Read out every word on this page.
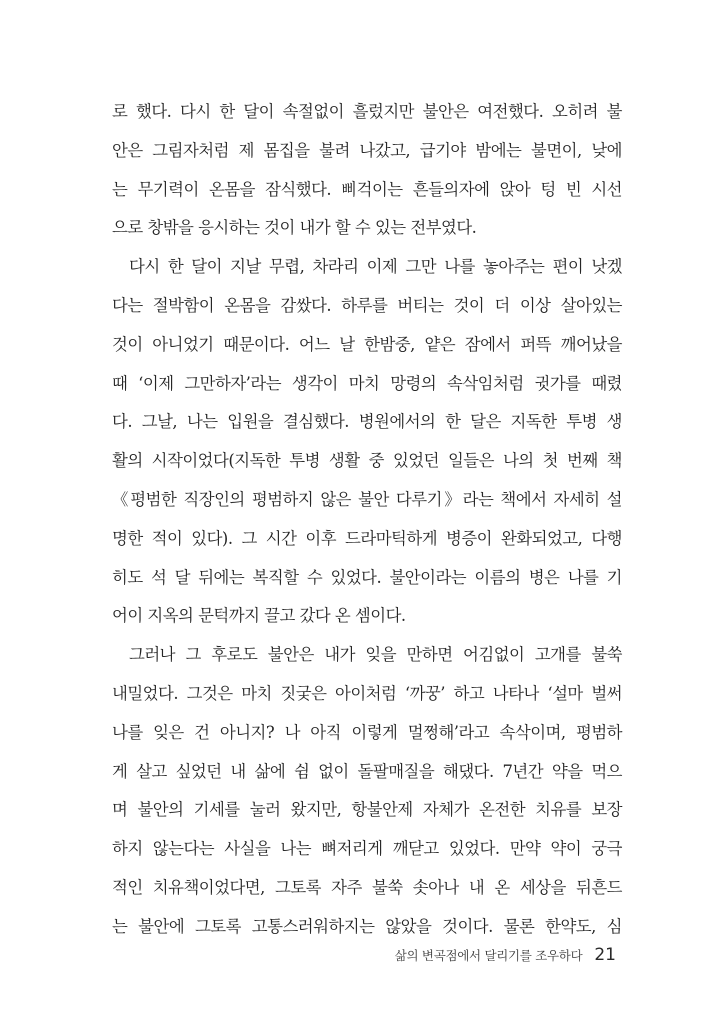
로 했다. 다시 한 달이 속절없이 흘렀지만 불안은 여전했다. 오히려 불
안은 그림자처럼 제 몸집을 불려 나갔고, 급기야 밤에는 불면이, 낮에
는 무기력이 온몸을 잠식했다. 삐걱이는 흔들의자에 앉아 텅 빈 시선
으로 창밖을 응시하는 것이 내가 할 수 있는 전부였다.
다시 한 달이 지날 무렵, 차라리 이제 그만 나를 놓아주는 편이 낫겠
다는 절박함이 온몸을 감쌌다. 하루를 버티는 것이 더 이상 살아있는
것이 아니었기 때문이다. 어느 날 한밤중, 얕은 잠에서 퍼뜩 깨어났을
때 ‘이제 그만하자’라는 생각이 마치 망령의 속삭임처럼 귓가를 때렸
다. 그날, 나는 입원을 결심했다. 병원에서의 한 달은 지독한 투병 생
활의 시작이었다(지독한 투병 생활 중 있었던 일들은 나의 첫 번째 책
《평범한 직장인의 평범하지 않은 불안 다루기》라는 책에서 자세히 설
명한 적이 있다). 그 시간 이후 드라마틱하게 병증이 완화되었고, 다행
히도 석 달 뒤에는 복직할 수 있었다. 불안이라는 이름의 병은 나를 기
어이 지옥의 문턱까지 끌고 갔다 온 셈이다.
그러나 그 후로도 불안은 내가 잊을 만하면 어김없이 고개를 불쑥
내밀었다. 그것은 마치 짓궂은 아이처럼 ‘까꿍’ 하고 나타나 ‘설마 벌써
나를 잊은 건 아니지? 나 아직 이렇게 멀쩡해’라고 속삭이며, 평범하
게 살고 싶었던 내 삶에 쉼 없이 돌팔매질을 해댔다. 7년간 약을 먹으
며 불안의 기세를 눌러 왔지만, 항불안제 자체가 온전한 치유를 보장
하지 않는다는 사실을 나는 뼈저리게 깨닫고 있었다. 만약 약이 궁극
적인 치유책이었다면, 그토록 자주 불쑥 솟아나 내 온 세상을 뒤흔드
는 불안에 그토록 고통스러워하지는 않았을 것이다. 물론 한약도, 심
삶의 변곡점에서 달리기를 조우하다 21
